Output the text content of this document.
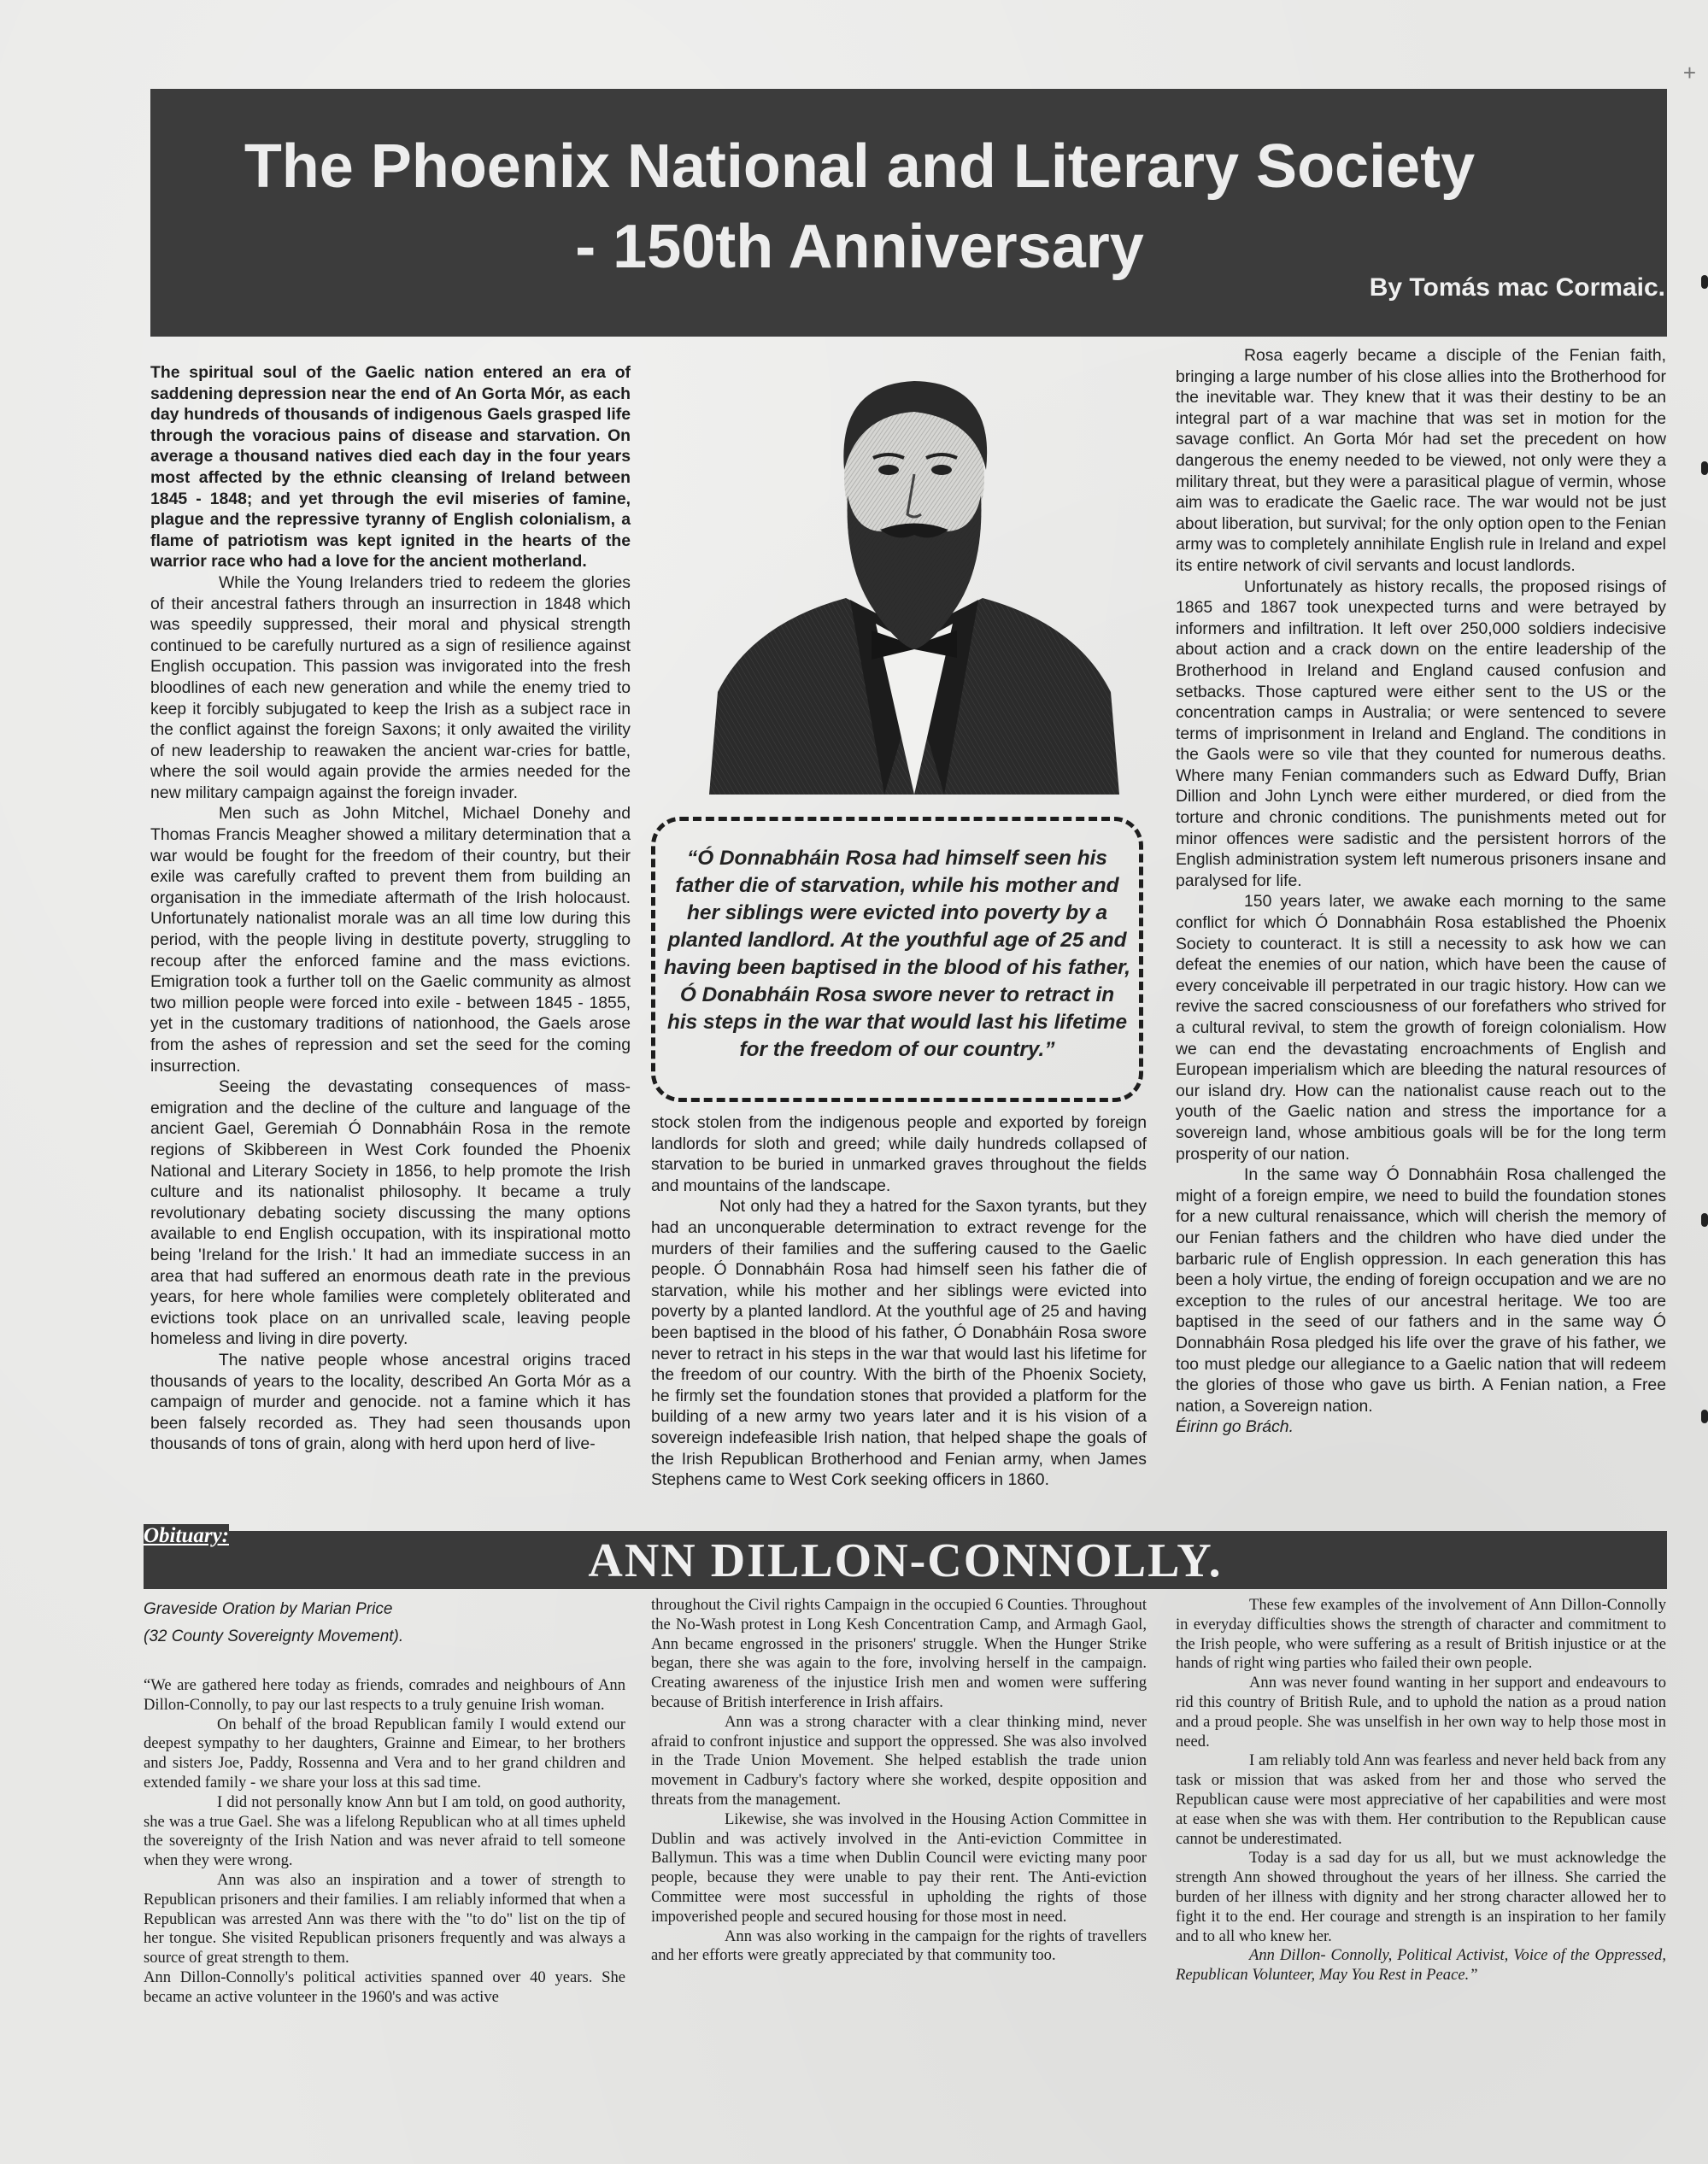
The Phoenix National and Literary Society
- 150th Anniversary
By Tomás mac Cormaic.
+

The spiritual soul of the Gaelic nation entered an era of saddening depression near the end of An Gorta Mór, as each day hundreds of thousands of indigenous Gaels grasped life through the voracious pains of disease and starvation. On average a thousand natives died each day in the four years most affected by the ethnic cleansing of Ireland between 1845 - 1848; and yet through the evil miseries of famine, plague and the repressive tyranny of English colonialism, a flame of patriotism was kept ignited in the hearts of the warrior race who had a love for the ancient motherland.

While the Young Irelanders tried to redeem the glories of their ancestral fathers through an insurrection in 1848 which was speedily suppressed, their moral and physical strength continued to be carefully nurtured as a sign of resilience against English occupation. This passion was invigorated into the fresh bloodlines of each new generation and while the enemy tried to keep it forcibly subjugated to keep the Irish as a subject race in the conflict against the foreign Saxons; it only awaited the virility of new leadership to reawaken the ancient war-cries for battle, where the soil would again provide the armies needed for the new military campaign against the foreign invader.

Men such as John Mitchel, Michael Donehy and Thomas Francis Meagher showed a military determination that a war would be fought for the freedom of their country, but their exile was carefully crafted to prevent them from building an organisation in the immediate aftermath of the Irish holocaust. Unfortunately nationalist morale was an all time low during this period, with the people living in destitute poverty, struggling to recoup after the enforced famine and the mass evictions. Emigration took a further toll on the Gaelic community as almost two million people were forced into exile - between 1845 - 1855, yet in the customary traditions of nationhood, the Gaels arose from the ashes of repression and set the seed for the coming insurrection.

Seeing the devastating consequences of mass-emigration and the decline of the culture and language of the ancient Gael, Geremiah Ó Donnabháin Rosa in the remote regions of Skibbereen in West Cork founded the Phoenix National and Literary Society in 1856, to help promote the Irish culture and its nationalist philosophy. It became a truly revolutionary debating society discussing the many options available to end English occupation, with its inspirational motto being 'Ireland for the Irish.' It had an immediate success in an area that had suffered an enormous death rate in the previous years, for here whole families were completely obliterated and evictions took place on an unrivalled scale, leaving people homeless and living in dire poverty.

The native people whose ancestral origins traced thousands of years to the locality, described An Gorta Mór as a campaign of murder and genocide. not a famine which it has been falsely recorded as. They had seen thousands upon thousands of tons of grain, along with herd upon herd of live-

“Ó Donnabháin Rosa had himself seen his father die of starvation, while his mother and her siblings were evicted into poverty by a planted landlord. At the youthful age of 25 and having been baptised in the blood of his father, Ó Donabháin Rosa swore never to retract in his steps in the war that would last his lifetime for the freedom of our country.”

stock stolen from the indigenous people and exported by foreign landlords for sloth and greed; while daily hundreds collapsed of starvation to be buried in unmarked graves throughout the fields and mountains of the landscape.

Not only had they a hatred for the Saxon tyrants, but they had an unconquerable determination to extract revenge for the murders of their families and the suffering caused to the Gaelic people. Ó Donnabháin Rosa had himself seen his father die of starvation, while his mother and her siblings were evicted into poverty by a planted landlord. At the youthful age of 25 and having been baptised in the blood of his father, Ó Donabháin Rosa swore never to retract in his steps in the war that would last his lifetime for the freedom of our country. With the birth of the Phoenix Society, he firmly set the foundation stones that provided a platform for the building of a new army two years later and it is his vision of a sovereign indefeasible Irish nation, that helped shape the goals of the Irish Republican Brotherhood and Fenian army, when James Stephens came to West Cork seeking officers in 1860.

Rosa eagerly became a disciple of the Fenian faith, bringing a large number of his close allies into the Brotherhood for the inevitable war. They knew that it was their destiny to be an integral part of a war machine that was set in motion for the savage conflict. An Gorta Mór had set the precedent on how dangerous the enemy needed to be viewed, not only were they a military threat, but they were a parasitical plague of vermin, whose aim was to eradicate the Gaelic race. The war would not be just about liberation, but survival; for the only option open to the Fenian army was to completely annihilate English rule in Ireland and expel its entire network of civil servants and locust landlords.

Unfortunately as history recalls, the proposed risings of 1865 and 1867 took unexpected turns and were betrayed by informers and infiltration. It left over 250,000 soldiers indecisive about action and a crack down on the entire leadership of the Brotherhood in Ireland and England caused confusion and setbacks. Those captured were either sent to the US or the concentration camps in Australia; or were sentenced to severe terms of imprisonment in Ireland and England. The conditions in the Gaols were so vile that they counted for numerous deaths. Where many Fenian commanders such as Edward Duffy, Brian Dillion and John Lynch were either murdered, or died from the torture and chronic conditions. The punishments meted out for minor offences were sadistic and the persistent horrors of the English administration system left numerous prisoners insane and paralysed for life.

150 years later, we awake each morning to the same conflict for which Ó Donnabháin Rosa established the Phoenix Society to counteract. It is still a necessity to ask how we can defeat the enemies of our nation, which have been the cause of every conceivable ill perpetrated in our tragic history. How can we revive the sacred consciousness of our forefathers who strived for a cultural revival, to stem the growth of foreign colonialism. How we can end the devastating encroachments of English and European imperialism which are bleeding the natural resources of our island dry. How can the nationalist cause reach out to the youth of the Gaelic nation and stress the importance for a sovereign land, whose ambitious goals will be for the long term prosperity of our nation.

In the same way Ó Donnabháin Rosa challenged the might of a foreign empire, we need to build the foundation stones for a new cultural renaissance, which will cherish the memory of our Fenian fathers and the children who have died under the barbaric rule of English oppression. In each generation this has been a holy virtue, the ending of foreign occupation and we are no exception to the rules of our ancestral heritage. We too are baptised in the seed of our fathers and in the same way Ó Donnabháin Rosa pledged his life over the grave of his father, we too must pledge our allegiance to a Gaelic nation that will redeem the glories of those who gave us birth. A Fenian nation, a Free nation, a Sovereign nation.

Éirinn go Brách.

ANN DILLON-CONNOLLY.
Obituary:

Graveside Oration by Marian Price

(32 County Sovereignty Movement).

“We are gathered here today as friends, comrades and neighbours of Ann Dillon-Connolly, to pay our last respects to a truly genuine Irish woman.

On behalf of the broad Republican family I would extend our deepest sympathy to her daughters, Grainne and Eimear, to her brothers and sisters Joe, Paddy, Rossenna and Vera and to her grand children and extended family - we share your loss at this sad time.

I did not personally know Ann but I am told, on good authority, she was a true Gael. She was a lifelong Republican who at all times upheld the sovereignty of the Irish Nation and was never afraid to tell someone when they were wrong.

Ann was also an inspiration and a tower of strength to Republican prisoners and their families. I am reliably informed that when a Republican was arrested Ann was there with the "to do" list on the tip of her tongue. She visited Republican prisoners frequently and was always a source of great strength to them.

Ann Dillon-Connolly's political activities spanned over 40 years. She became an active volunteer in the 1960's and was active

throughout the Civil rights Campaign in the occupied 6 Counties. Throughout the No-Wash protest in Long Kesh Concentration Camp, and Armagh Gaol, Ann became engrossed in the prisoners' struggle. When the Hunger Strike began, there she was again to the fore, involving herself in the campaign. Creating awareness of the injustice Irish men and women were suffering because of British interference in Irish affairs.

Ann was a strong character with a clear thinking mind, never afraid to confront injustice and support the oppressed. She was also involved in the Trade Union Movement. She helped establish the trade union movement in Cadbury's factory where she worked, despite opposition and threats from the management.

Likewise, she was involved in the Housing Action Committee in Dublin and was actively involved in the Anti-eviction Committee in Ballymun. This was a time when Dublin Council were evicting many poor people, because they were unable to pay their rent. The Anti-eviction Committee were most successful in upholding the rights of those impoverished people and secured housing for those most in need.

Ann was also working in the campaign for the rights of travellers and her efforts were greatly appreciated by that community too.

These few examples of the involvement of Ann Dillon-Connolly in everyday difficulties shows the strength of character and commitment to the Irish people, who were suffering as a result of British injustice or at the hands of right wing parties who failed their own people.

Ann was never found wanting in her support and endeavours to rid this country of British Rule, and to uphold the nation as a proud nation and a proud people. She was unselfish in her own way to help those most in need.

I am reliably told Ann was fearless and never held back from any task or mission that was asked from her and those who served the Republican cause were most appreciative of her capabilities and were most at ease when she was with them. Her contribution to the Republican cause cannot be underestimated.

Today is a sad day for us all, but we must acknowledge the strength Ann showed throughout the years of her illness. She carried the burden of her illness with dignity and her strong character allowed her to fight it to the end. Her courage and strength is an inspiration to her family and to all who knew her.

Ann Dillon- Connolly, Political Activist, Voice of the Oppressed, Republican Volunteer, May You Rest in Peace.”
